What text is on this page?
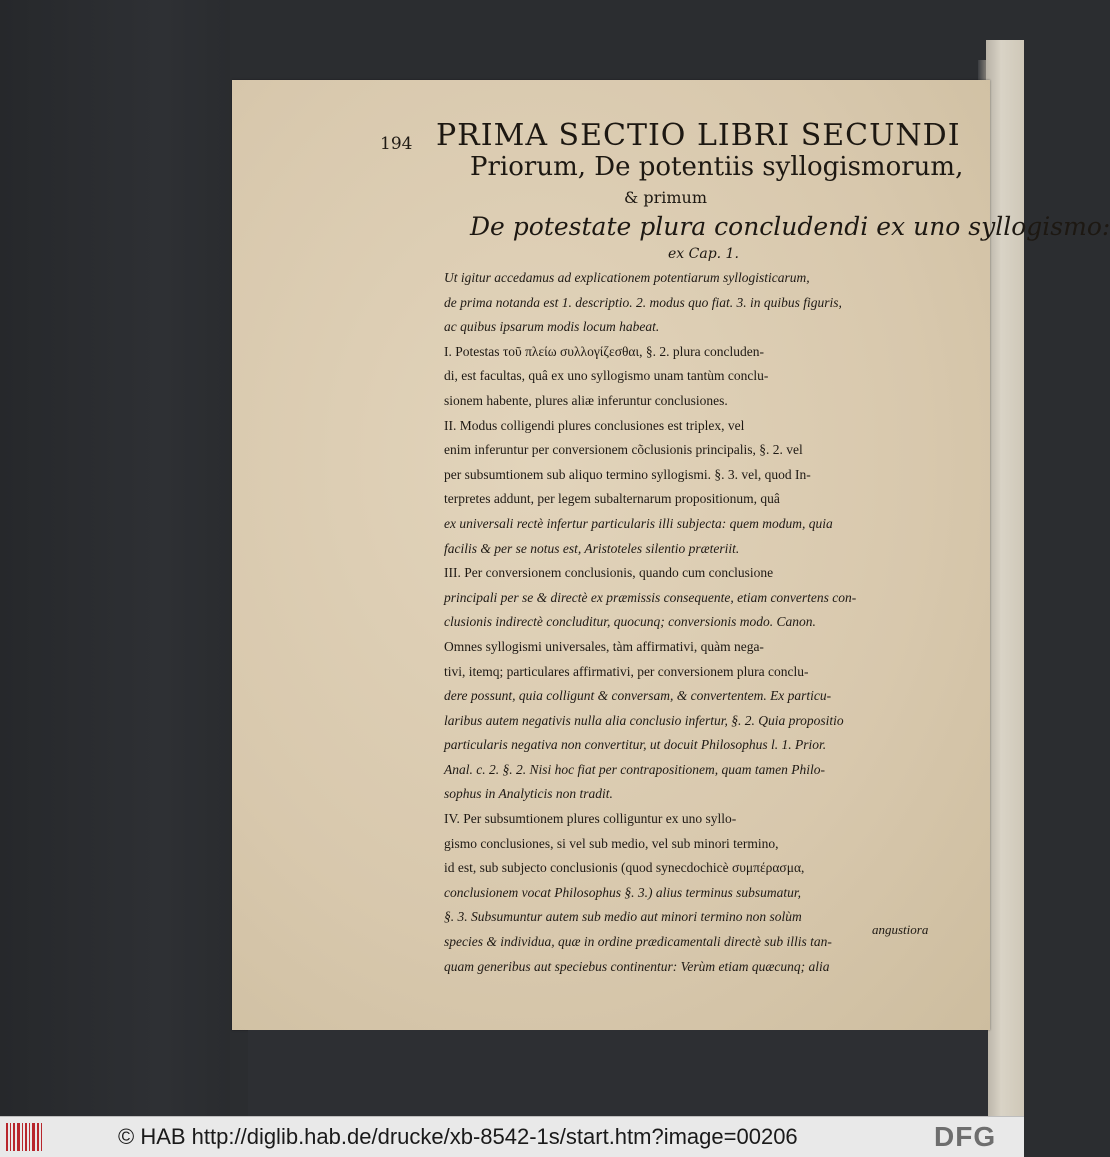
194 PRIMA SECTIO LIBRI SECUNDI
Priorum, De potentiis syllogismorum,
& primum
De potestate plura concludendi ex uno syllogismo:
ex Cap. 1.
Ut igitur accedamus ad explicationem potentiarum syllogisticarum,
de prima notanda est 1. descriptio. 2. modus quo fiat. 3. in quibus figuris,
ac quibus ipsarum modis locum habeat.
I. Potestas τοῦ πλείω συλλογίζεσθαι, §. 2. plura concluden-
di, est facultas, quâ ex uno syllogismo unam tantùm conclu-
sionem habente, plures aliæ inferuntur conclusiones.
II. Modus colligendi plures conclusiones est triplex, vel
enim inferuntur per conversionem cõclusionis principalis, §. 2. vel
per subsumtionem sub aliquo termino syllogismi. §. 3. vel, quod In-
terpretes addunt, per legem subalternarum propositionum, quâ
ex universali rectè infertur particularis illi subjecta: quem modum, quia
facilis & per se notus est, Aristoteles silentio præteriit.
III. Per conversionem conclusionis, quando cum conclusione
principali per se & directè ex præmissis consequente, etiam convertens con-
clusionis indirectè concluditur, quocunq; conversionis modo. Canon.
Omnes syllogismi universales, tàm affirmativi, quàm nega-
tivi, itemq; particulares affirmativi, per conversionem plura conclu-
dere possunt, quia colligunt & conversam, & convertentem. Ex particu-
laribus autem negativis nulla alia conclusio infertur, §. 2. Quia propositio
particularis negativa non convertitur, ut docuit Philosophus l. 1. Prior.
Anal. c. 2. §. 2. Nisi hoc fiat per contrapositionem, quam tamen Philo-
sophus in Analyticis non tradit.
IV. Per subsumtionem plures colliguntur ex uno syllo-
gismo conclusiones, si vel sub medio, vel sub minori termino,
id est, sub subjecto conclusionis (quod synecdochicè συμπέρασμα,
conclusionem vocat Philosophus §. 3.) alius terminus subsumatur,
§. 3. Subsumuntur autem sub medio aut minori termino non solùm
species & individua, quæ in ordine prædicamentali directè sub illis tan-
quam generibus aut speciebus continentur: Verùm etiam quæcunq; alia
angustiora
© HAB http://diglib.hab.de/drucke/xb-8542-1s/start.htm?image=00206	DFG
